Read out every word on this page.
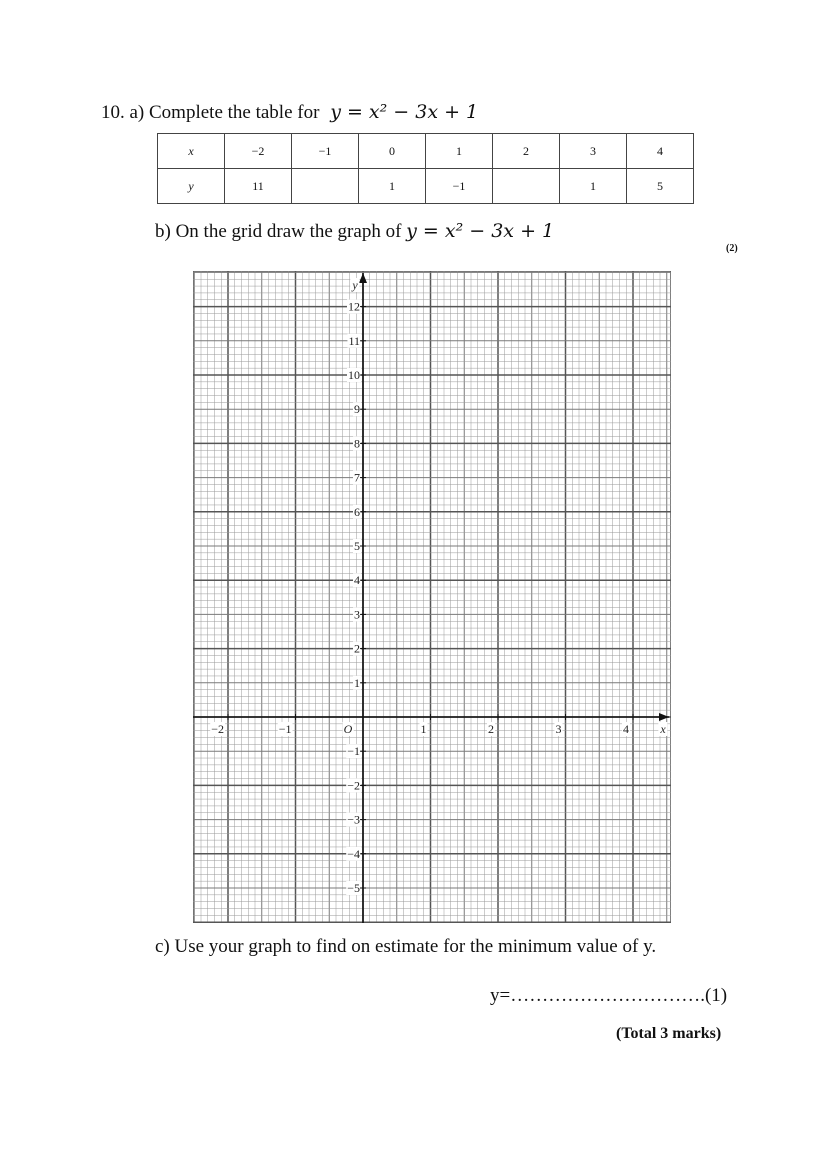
10. a) Complete the table for y = x² − 3x + 1
x	−2	−1	0	1	2	3	4
y	11		1	−1		1	5
b) On the grid draw the graph of y = x² − 3x + 1
(2)
12
11
10
9
8
7
6
5
4
3
2
1
−1
−2
−3
−4
−5
−2	−1	1	2	3	4
O	x
y
c) Use your graph to find on estimate for the minimum value of y.
y=………………………….(1)
(Total 3 marks)
